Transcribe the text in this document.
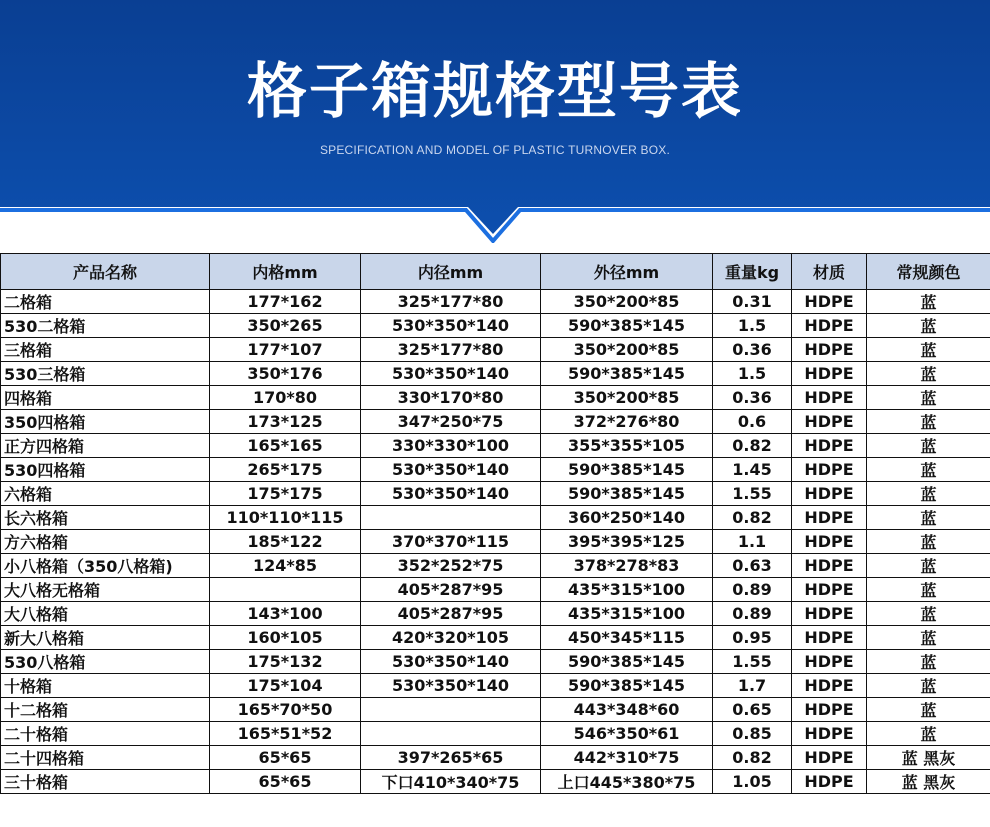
格子箱规格型号表
SPECIFICATION AND MODEL OF PLASTIC TURNOVER BOX.
产品名称	内格mm	内径mm	外径mm	重量kg	材质	常规颜色
二格箱	177*162	325*177*80	350*200*85	0.31	HDPE	蓝
530二格箱	350*265	530*350*140	590*385*145	1.5	HDPE	蓝
三格箱	177*107	325*177*80	350*200*85	0.36	HDPE	蓝
530三格箱	350*176	530*350*140	590*385*145	1.5	HDPE	蓝
四格箱	170*80	330*170*80	350*200*85	0.36	HDPE	蓝
350四格箱	173*125	347*250*75	372*276*80	0.6	HDPE	蓝
正方四格箱	165*165	330*330*100	355*355*105	0.82	HDPE	蓝
530四格箱	265*175	530*350*140	590*385*145	1.45	HDPE	蓝
六格箱	175*175	530*350*140	590*385*145	1.55	HDPE	蓝
长六格箱	110*110*115		360*250*140	0.82	HDPE	蓝
方六格箱	185*122	370*370*115	395*395*125	1.1	HDPE	蓝
小八格箱（350八格箱)	124*85	352*252*75	378*278*83	0.63	HDPE	蓝
大八格无格箱		405*287*95	435*315*100	0.89	HDPE	蓝
大八格箱	143*100	405*287*95	435*315*100	0.89	HDPE	蓝
新大八格箱	160*105	420*320*105	450*345*115	0.95	HDPE	蓝
530八格箱	175*132	530*350*140	590*385*145	1.55	HDPE	蓝
十格箱	175*104	530*350*140	590*385*145	1.7	HDPE	蓝
十二格箱	165*70*50		443*348*60	0.65	HDPE	蓝
二十格箱	165*51*52		546*350*61	0.85	HDPE	蓝
二十四格箱	65*65	397*265*65	442*310*75	0.82	HDPE	蓝 黑灰
三十格箱	65*65	下口410*340*75	上口445*380*75	1.05	HDPE	蓝 黑灰
